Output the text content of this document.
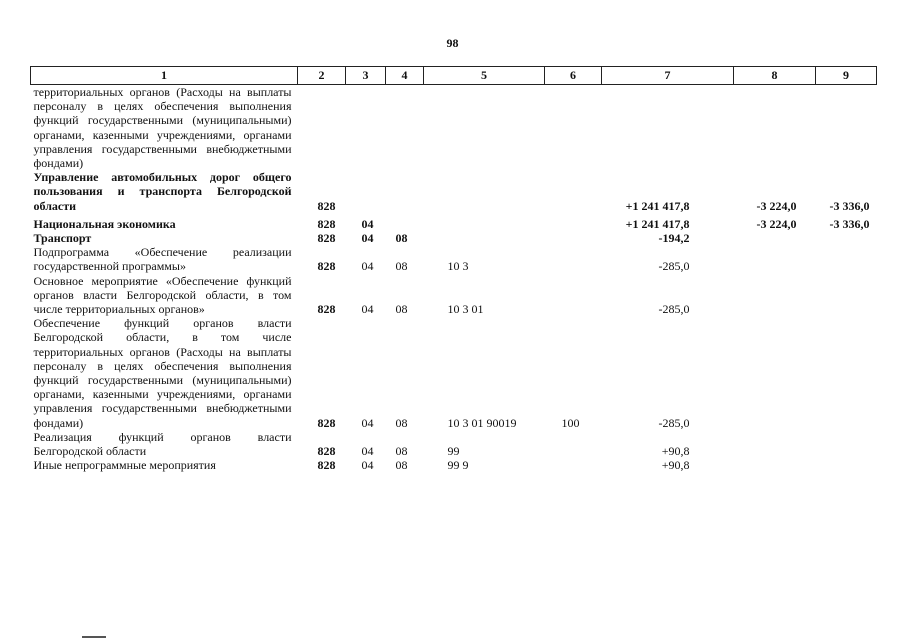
98
1	2	3	4	5	6	7	8	9
территориальных органов (Расходы на выплаты персоналу в целях обеспечения выполнения функций государственными (муниципальными) органами, казенными учреждениями, органами управления государственными внебюджетными фондами)								
Управление автомобильных дорог общего пользования и транспорта Белгородской области	828					+1 241 417,8	-3 224,0	-3 336,0
Национальная экономика	828	04				+1 241 417,8	-3 224,0	-3 336,0
Транспорт	828	04	08			-194,2		
Подпрограмма «Обеспечение реализации государственной программы»	828	04	08	10 3		-285,0		
Основное мероприятие «Обеспечение функций органов власти Белгородской области, в том числе территориальных органов»	828	04	08	10 3 01		-285,0		
Обеспечение функций органов власти Белгородской области, в том числе территориальных органов (Расходы на выплаты персоналу в целях обеспечения выполнения функций государственными (муниципальными) органами, казенными учреждениями, органами управления государственными внебюджетными фондами)	828	04	08	10 3 01 90019	100	-285,0		
Реализация функций органов власти Белгородской области	828	04	08	99		+90,8		
Иные непрограммные мероприятия	828	04	08	99 9		+90,8		
